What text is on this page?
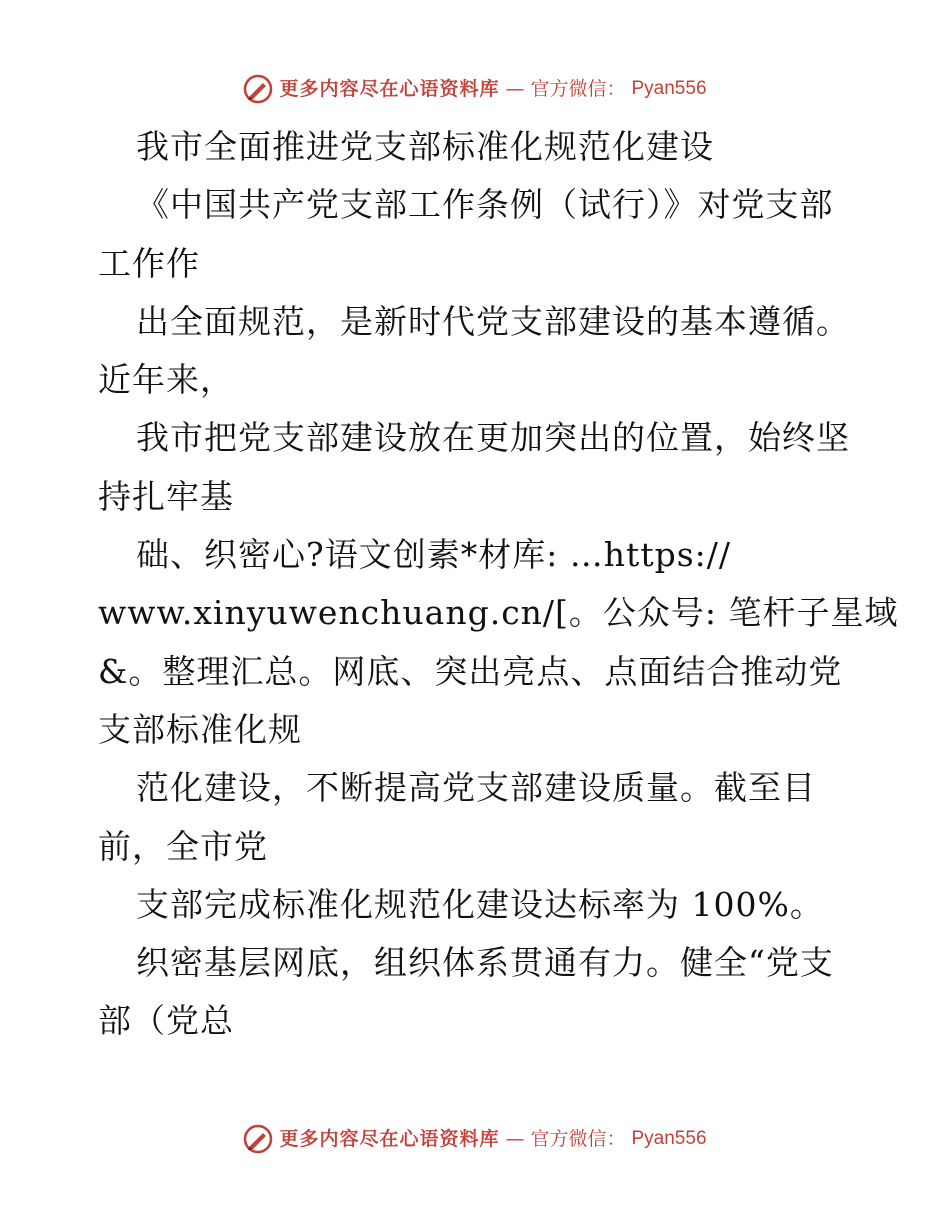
更多内容尽在心语资料库 — 官方微信： Pyan556
我市全面推进党支部标准化规范化建设
《中国共产党支部工作条例（试行）》对党支部
工作作
出全面规范，是新时代党支部建设的基本遵循。
近年来，
我市把党支部建设放在更加突出的位置，始终坚
持扎牢基
础、织密心?语文创素*材库: …https://
www.xinyuwenchuang.cn/[。公众号: 笔杆子星域
&。整理汇总。网底、突出亮点、点面结合推动党
支部标准化规
范化建设，不断提高党支部建设质量。截至目
前，全市党
支部完成标准化规范化建设达标率为 100%。
织密基层网底，组织体系贯通有力。健全“党支
部（党总
更多内容尽在心语资料库 — 官方微信： Pyan556
